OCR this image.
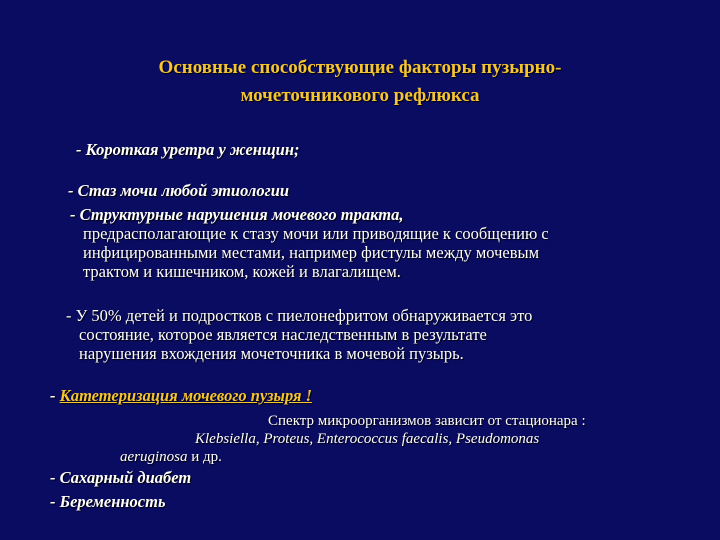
Основные способствующие факторы пузырно-
мочеточникового рефлюкса
- Короткая уретра у женщин;
- Стаз мочи любой этиологии
- Структурные нарушения мочевого тракта,
предрасполагающие к стазу мочи или приводящие к сообщению с
инфицированными местами, например фистулы между мочевым
трактом и кишечником, кожей и влагалищем.
- У 50% детей и подростков с пиелонефритом обнаруживается это
состояние, которое является наследственным в результате
нарушения вхождения мочеточника в мочевой пузырь.
- Катетеризация мочевого пузыря !
Спектр микроорганизмов зависит от стационара :
Klebsiella, Proteus, Enterococcus faecalis, Pseudomonas
aeruginosa и др.
- Сахарный диабет
- Беременность
